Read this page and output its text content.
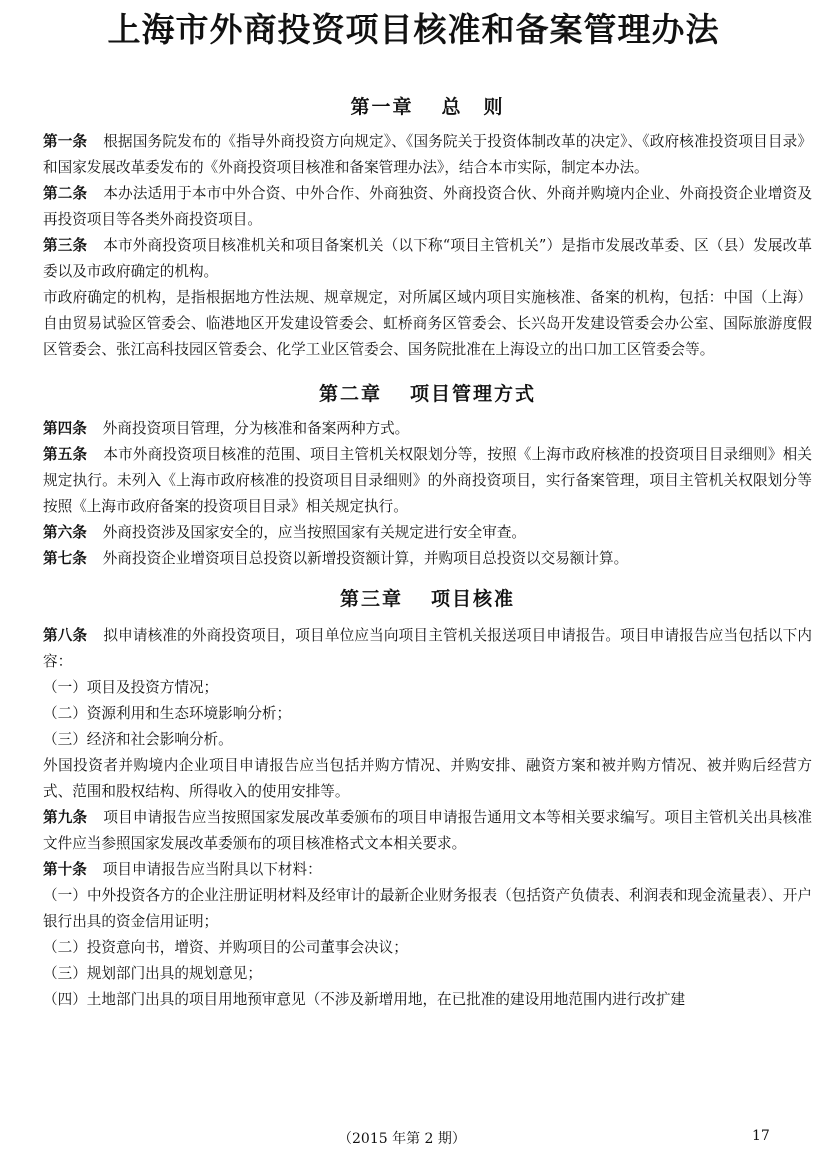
上海市外商投资项目核准和备案管理办法
第一章 总　则

第一条 根据国务院发布的《指导外商投资方向规定》、《国务院关于投资体制改革的决定》、《政府核准投资项目目录》和国家发展改革委发布的《外商投资项目核准和备案管理办法》，结合本市实际，制定本办法。

第二条 本办法适用于本市中外合资、中外合作、外商独资、外商投资合伙、外商并购境内企业、外商投资企业增资及再投资项目等各类外商投资项目。

第三条 本市外商投资项目核准机关和项目备案机关（以下称“项目主管机关”）是指市发展改革委、区（县）发展改革委以及市政府确定的机构。

市政府确定的机构，是指根据地方性法规、规章规定，对所属区域内项目实施核准、备案的机构，包括：中国（上海）自由贸易试验区管委会、临港地区开发建设管委会、虹桥商务区管委会、长兴岛开发建设管委会办公室、国际旅游度假区管委会、张江高科技园区管委会、化学工业区管委会、国务院批准在上海设立的出口加工区管委会等。

第二章 项目管理方式

第四条 外商投资项目管理，分为核准和备案两种方式。

第五条 本市外商投资项目核准的范围、项目主管机关权限划分等，按照《上海市政府核准的投资项目目录细则》相关规定执行。未列入《上海市政府核准的投资项目目录细则》的外商投资项目，实行备案管理，项目主管机关权限划分等按照《上海市政府备案的投资项目目录》相关规定执行。

第六条 外商投资涉及国家安全的，应当按照国家有关规定进行安全审查。

第七条 外商投资企业增资项目总投资以新增投资额计算，并购项目总投资以交易额计算。

第三章 项目核准

第八条 拟申请核准的外商投资项目，项目单位应当向项目主管机关报送项目申请报告。项目申请报告应当包括以下内容：

（一）项目及投资方情况；

（二）资源利用和生态环境影响分析；

（三）经济和社会影响分析。

外国投资者并购境内企业项目申请报告应当包括并购方情况、并购安排、融资方案和被并购方情况、被并购后经营方式、范围和股权结构、所得收入的使用安排等。

第九条 项目申请报告应当按照国家发展改革委颁布的项目申请报告通用文本等相关要求编写。项目主管机关出具核准文件应当参照国家发展改革委颁布的项目核准格式文本相关要求。

第十条 项目申请报告应当附具以下材料：

（一）中外投资各方的企业注册证明材料及经审计的最新企业财务报表（包括资产负债表、利润表和现金流量表）、开户银行出具的资金信用证明；

（二）投资意向书，增资、并购项目的公司董事会决议；

（三）规划部门出具的规划意见；

（四）土地部门出具的项目用地预审意见（不涉及新增用地，在已批准的建设用地范围内进行改扩建

（2015 年第 2 期）	17
